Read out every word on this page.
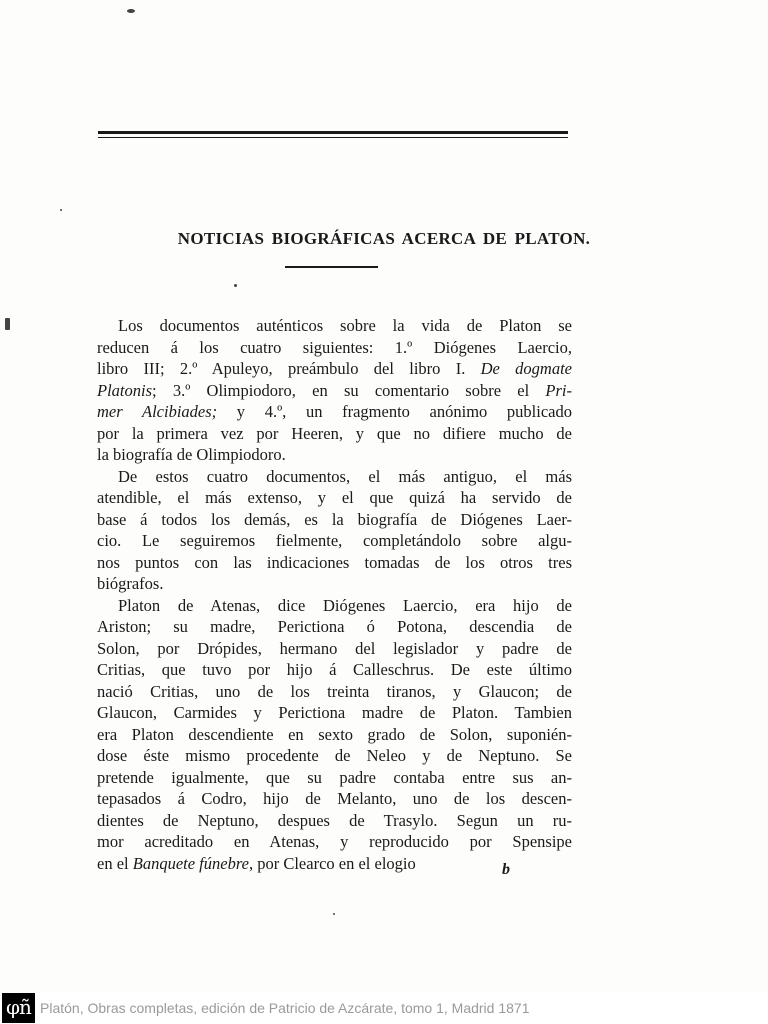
NOTICIAS BIOGRÁFICAS ACERCA DE PLATON.

Los documentos auténticos sobre la vida de Platon se
reducen á los cuatro siguientes: 1.º Diógenes Laercio,
libro III; 2.º Apuleyo, preámbulo del libro I. De dogmate
Platonis; 3.º Olimpiodoro, en su comentario sobre el Pri-
mer Alcibiades; y 4.º, un fragmento anónimo publicado
por la primera vez por Heeren, y que no difiere mucho de
la biografía de Olimpiodoro.

De estos cuatro documentos, el más antiguo, el más
atendible, el más extenso, y el que quizá ha servido de
base á todos los demás, es la biografía de Diógenes Laer-
cio. Le seguiremos fielmente, completándolo sobre algu-
nos puntos con las indicaciones tomadas de los otros tres
biógrafos.

Platon de Atenas, dice Diógenes Laercio, era hijo de
Ariston; su madre, Perictiona ó Potona, descendia de
Solon, por Drópides, hermano del legislador y padre de
Critias, que tuvo por hijo á Calleschrus. De este último
nació Critias, uno de los treinta tiranos, y Glaucon; de
Glaucon, Carmides y Perictiona madre de Platon. Tambien
era Platon descendiente en sexto grado de Solon, suponién-
dose éste mismo procedente de Neleo y de Neptuno. Se
pretende igualmente, que su padre contaba entre sus an-
tepasados á Codro, hijo de Melanto, uno de los descen-
dientes de Neptuno, despues de Trasylo. Segun un ru-
mor acreditado en Atenas, y reproducido por Spensipe
en el Banquete fúnebre, por Clearco en el elogio	b
φñ Platón, Obras completas, edición de Patricio de Azcárate, tomo 1, Madrid 1871
